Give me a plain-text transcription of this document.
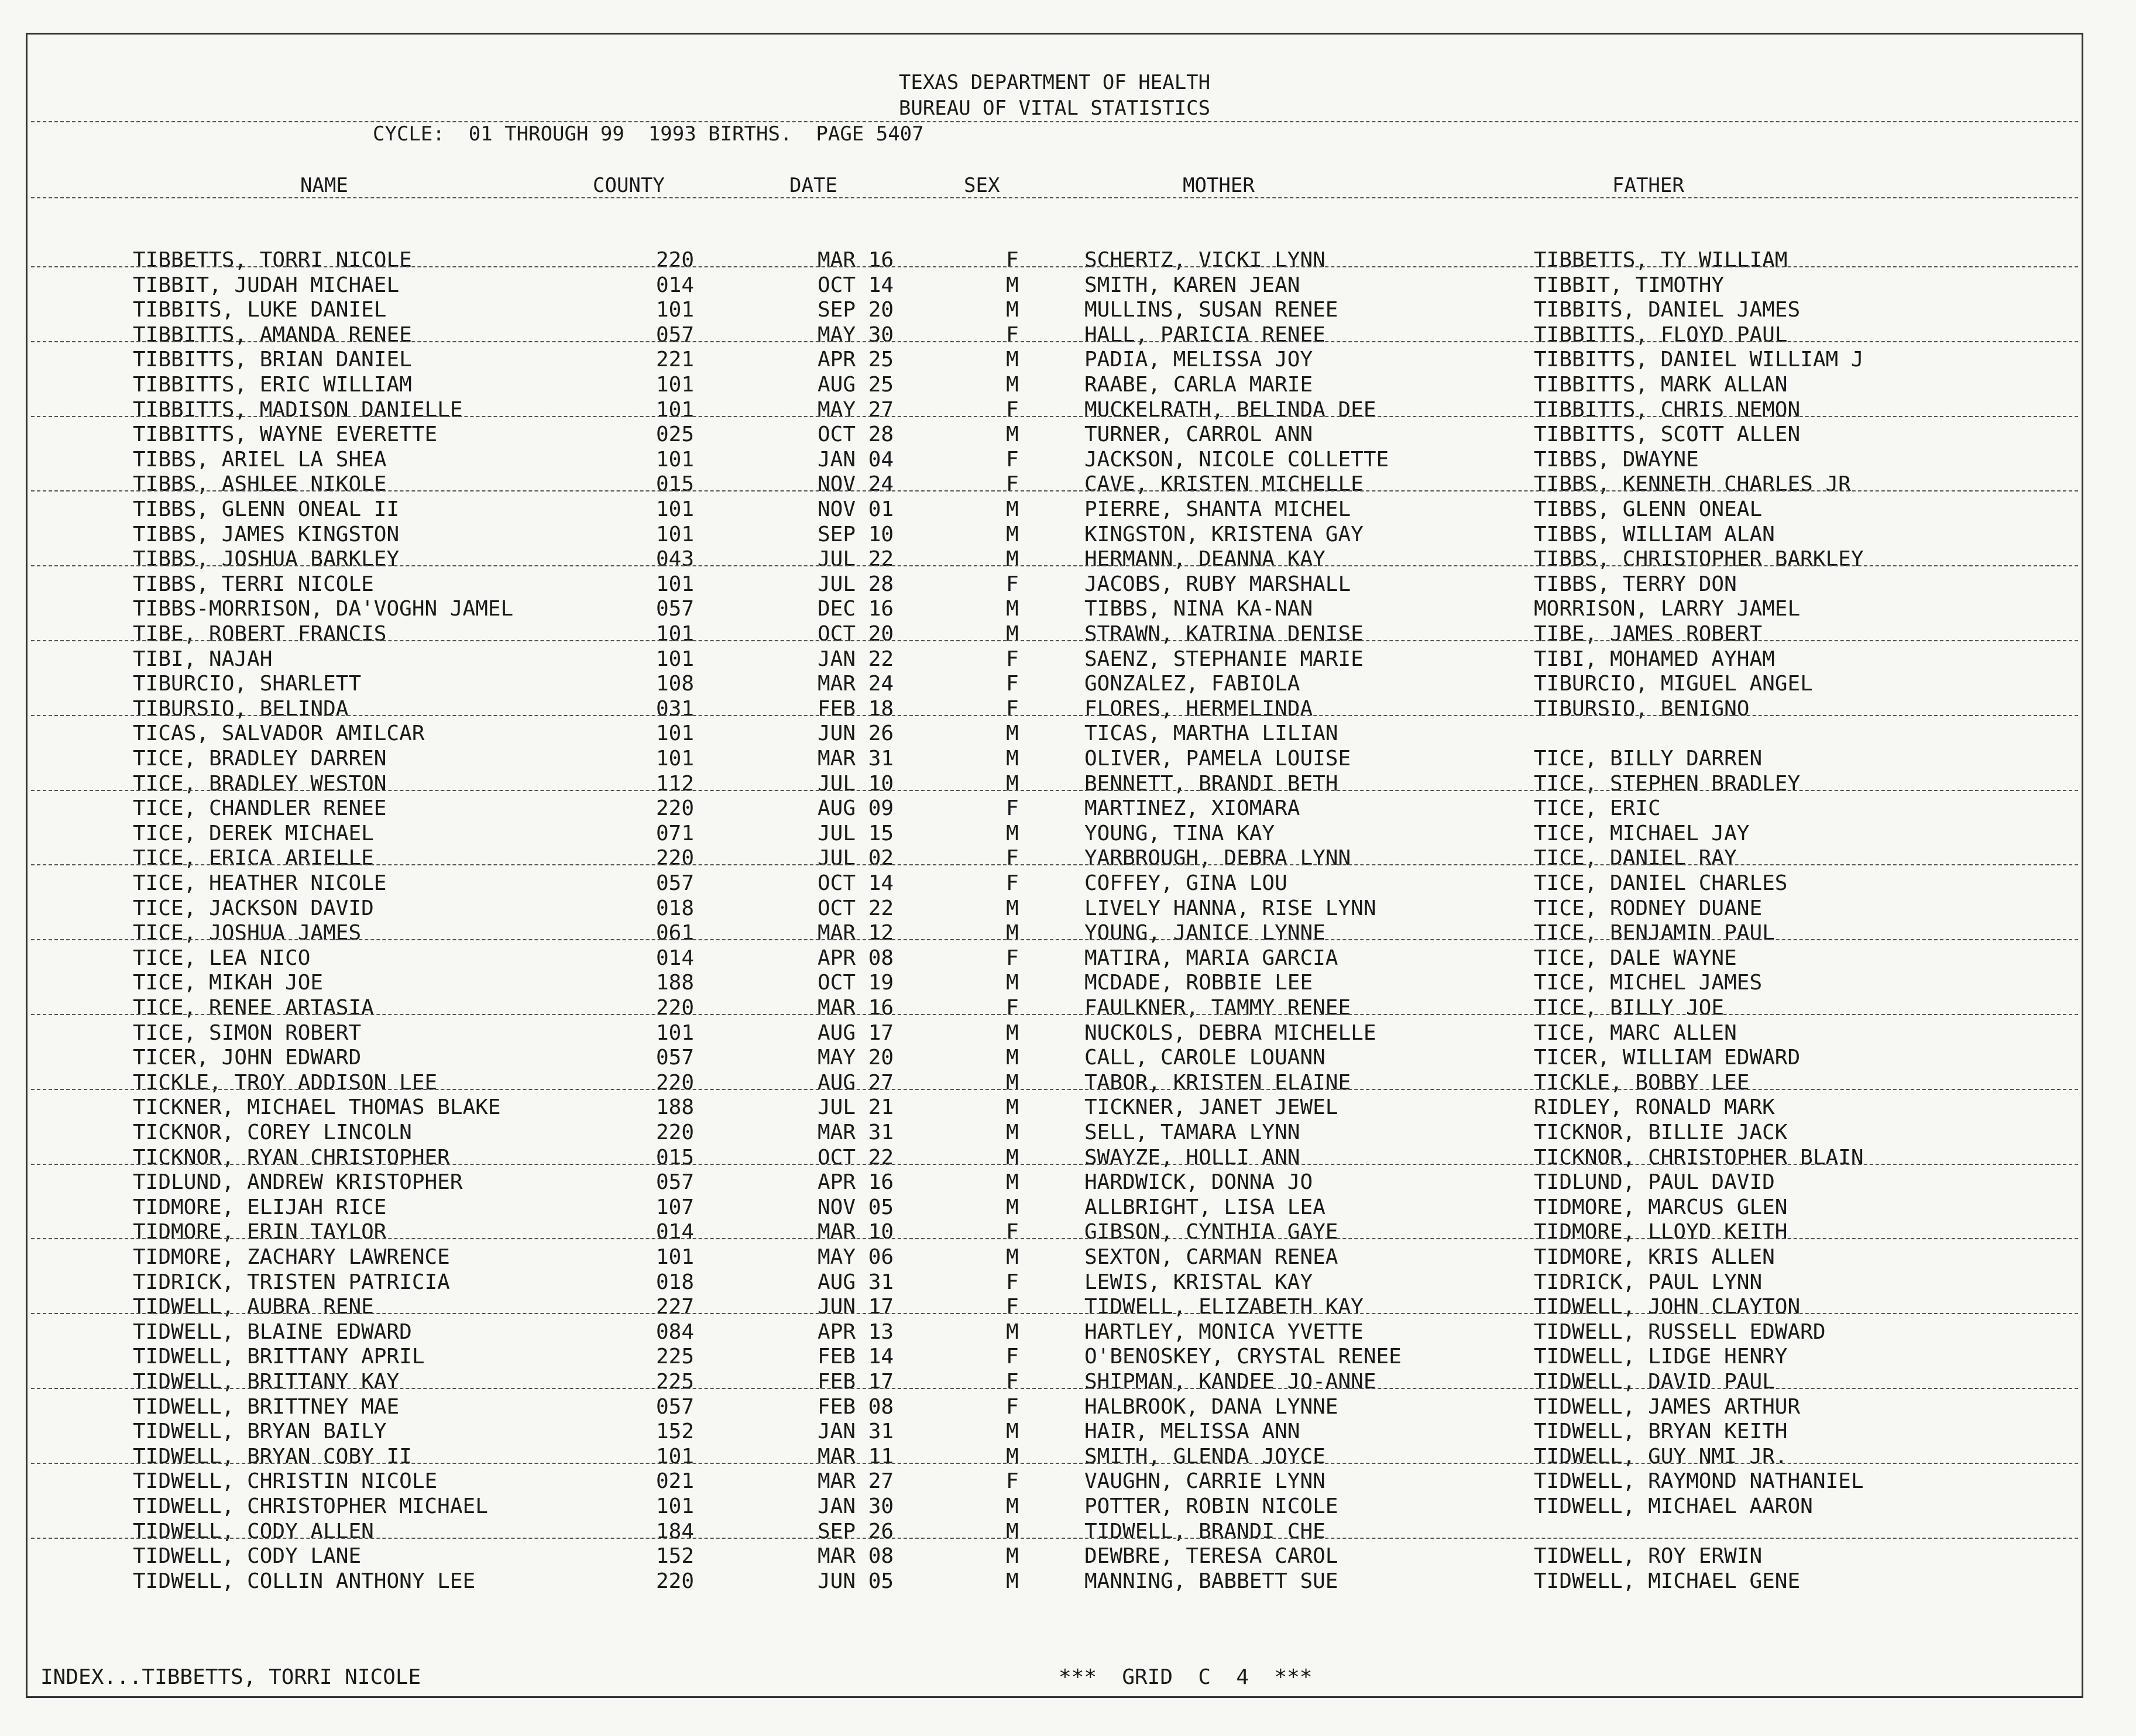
TEXAS DEPARTMENT OF HEALTH
BUREAU OF VITAL STATISTICS
CYCLE:  01 THROUGH 99  1993 BIRTHS.  PAGE 5407
NAME	COUNTY	DATE	SEX	MOTHER	FATHER
TIBBETTS, TORRI NICOLE	220	MAR 16	F	SCHERTZ, VICKI LYNN	TIBBETTS, TY WILLIAM
TIBBIT, JUDAH MICHAEL	014	OCT 14	M	SMITH, KAREN JEAN	TIBBIT, TIMOTHY
TIBBITS, LUKE DANIEL	101	SEP 20	M	MULLINS, SUSAN RENEE	TIBBITS, DANIEL JAMES
TIBBITTS, AMANDA RENEE	057	MAY 30	F	HALL, PARICIA RENEE	TIBBITTS, FLOYD PAUL
TIBBITTS, BRIAN DANIEL	221	APR 25	M	PADIA, MELISSA JOY	TIBBITTS, DANIEL WILLIAM J
TIBBITTS, ERIC WILLIAM	101	AUG 25	M	RAABE, CARLA MARIE	TIBBITTS, MARK ALLAN
TIBBITTS, MADISON DANIELLE	101	MAY 27	F	MUCKELRATH, BELINDA DEE	TIBBITTS, CHRIS NEMON
TIBBITTS, WAYNE EVERETTE	025	OCT 28	M	TURNER, CARROL ANN	TIBBITTS, SCOTT ALLEN
TIBBS, ARIEL LA SHEA	101	JAN 04	F	JACKSON, NICOLE COLLETTE	TIBBS, DWAYNE
TIBBS, ASHLEE NIKOLE	015	NOV 24	F	CAVE, KRISTEN MICHELLE	TIBBS, KENNETH CHARLES JR
TIBBS, GLENN ONEAL II	101	NOV 01	M	PIERRE, SHANTA MICHEL	TIBBS, GLENN ONEAL
TIBBS, JAMES KINGSTON	101	SEP 10	M	KINGSTON, KRISTENA GAY	TIBBS, WILLIAM ALAN
TIBBS, JOSHUA BARKLEY	043	JUL 22	M	HERMANN, DEANNA KAY	TIBBS, CHRISTOPHER BARKLEY
TIBBS, TERRI NICOLE	101	JUL 28	F	JACOBS, RUBY MARSHALL	TIBBS, TERRY DON
TIBBS-MORRISON, DA'VOGHN JAMEL	057	DEC 16	M	TIBBS, NINA KA-NAN	MORRISON, LARRY JAMEL
TIBE, ROBERT FRANCIS	101	OCT 20	M	STRAWN, KATRINA DENISE	TIBE, JAMES ROBERT
TIBI, NAJAH	101	JAN 22	F	SAENZ, STEPHANIE MARIE	TIBI, MOHAMED AYHAM
TIBURCIO, SHARLETT	108	MAR 24	F	GONZALEZ, FABIOLA	TIBURCIO, MIGUEL ANGEL
TIBURSIO, BELINDA	031	FEB 18	F	FLORES, HERMELINDA	TIBURSIO, BENIGNO
TICAS, SALVADOR AMILCAR	101	JUN 26	M	TICAS, MARTHA LILIAN
TICE, BRADLEY DARREN	101	MAR 31	M	OLIVER, PAMELA LOUISE	TICE, BILLY DARREN
TICE, BRADLEY WESTON	112	JUL 10	M	BENNETT, BRANDI BETH	TICE, STEPHEN BRADLEY
TICE, CHANDLER RENEE	220	AUG 09	F	MARTINEZ, XIOMARA	TICE, ERIC
TICE, DEREK MICHAEL	071	JUL 15	M	YOUNG, TINA KAY	TICE, MICHAEL JAY
TICE, ERICA ARIELLE	220	JUL 02	F	YARBROUGH, DEBRA LYNN	TICE, DANIEL RAY
TICE, HEATHER NICOLE	057	OCT 14	F	COFFEY, GINA LOU	TICE, DANIEL CHARLES
TICE, JACKSON DAVID	018	OCT 22	M	LIVELY HANNA, RISE LYNN	TICE, RODNEY DUANE
TICE, JOSHUA JAMES	061	MAR 12	M	YOUNG, JANICE LYNNE	TICE, BENJAMIN PAUL
TICE, LEA NICO	014	APR 08	F	MATIRA, MARIA GARCIA	TICE, DALE WAYNE
TICE, MIKAH JOE	188	OCT 19	M	MCDADE, ROBBIE LEE	TICE, MICHEL JAMES
TICE, RENEE ARTASIA	220	MAR 16	F	FAULKNER, TAMMY RENEE	TICE, BILLY JOE
TICE, SIMON ROBERT	101	AUG 17	M	NUCKOLS, DEBRA MICHELLE	TICE, MARC ALLEN
TICER, JOHN EDWARD	057	MAY 20	M	CALL, CAROLE LOUANN	TICER, WILLIAM EDWARD
TICKLE, TROY ADDISON LEE	220	AUG 27	M	TABOR, KRISTEN ELAINE	TICKLE, BOBBY LEE
TICKNER, MICHAEL THOMAS BLAKE	188	JUL 21	M	TICKNER, JANET JEWEL	RIDLEY, RONALD MARK
TICKNOR, COREY LINCOLN	220	MAR 31	M	SELL, TAMARA LYNN	TICKNOR, BILLIE JACK
TICKNOR, RYAN CHRISTOPHER	015	OCT 22	M	SWAYZE, HOLLI ANN	TICKNOR, CHRISTOPHER BLAIN
TIDLUND, ANDREW KRISTOPHER	057	APR 16	M	HARDWICK, DONNA JO	TIDLUND, PAUL DAVID
TIDMORE, ELIJAH RICE	107	NOV 05	M	ALLBRIGHT, LISA LEA	TIDMORE, MARCUS GLEN
TIDMORE, ERIN TAYLOR	014	MAR 10	F	GIBSON, CYNTHIA GAYE	TIDMORE, LLOYD KEITH
TIDMORE, ZACHARY LAWRENCE	101	MAY 06	M	SEXTON, CARMAN RENEA	TIDMORE, KRIS ALLEN
TIDRICK, TRISTEN PATRICIA	018	AUG 31	F	LEWIS, KRISTAL KAY	TIDRICK, PAUL LYNN
TIDWELL, AUBRA RENE	227	JUN 17	F	TIDWELL, ELIZABETH KAY	TIDWELL, JOHN CLAYTON
TIDWELL, BLAINE EDWARD	084	APR 13	M	HARTLEY, MONICA YVETTE	TIDWELL, RUSSELL EDWARD
TIDWELL, BRITTANY APRIL	225	FEB 14	F	O'BENOSKEY, CRYSTAL RENEE	TIDWELL, LIDGE HENRY
TIDWELL, BRITTANY KAY	225	FEB 17	F	SHIPMAN, KANDEE JO-ANNE	TIDWELL, DAVID PAUL
TIDWELL, BRITTNEY MAE	057	FEB 08	F	HALBROOK, DANA LYNNE	TIDWELL, JAMES ARTHUR
TIDWELL, BRYAN BAILY	152	JAN 31	M	HAIR, MELISSA ANN	TIDWELL, BRYAN KEITH
TIDWELL, BRYAN COBY II	101	MAR 11	M	SMITH, GLENDA JOYCE	TIDWELL, GUY NMI JR.
TIDWELL, CHRISTIN NICOLE	021	MAR 27	F	VAUGHN, CARRIE LYNN	TIDWELL, RAYMOND NATHANIEL
TIDWELL, CHRISTOPHER MICHAEL	101	JAN 30	M	POTTER, ROBIN NICOLE	TIDWELL, MICHAEL AARON
TIDWELL, CODY ALLEN	184	SEP 26	M	TIDWELL, BRANDI CHE
TIDWELL, CODY LANE	152	MAR 08	M	DEWBRE, TERESA CAROL	TIDWELL, ROY ERWIN
TIDWELL, COLLIN ANTHONY LEE	220	JUN 05	M	MANNING, BABBETT SUE	TIDWELL, MICHAEL GENE
INDEX...TIBBETTS, TORRI NICOLE	***  GRID  C  4  ***
